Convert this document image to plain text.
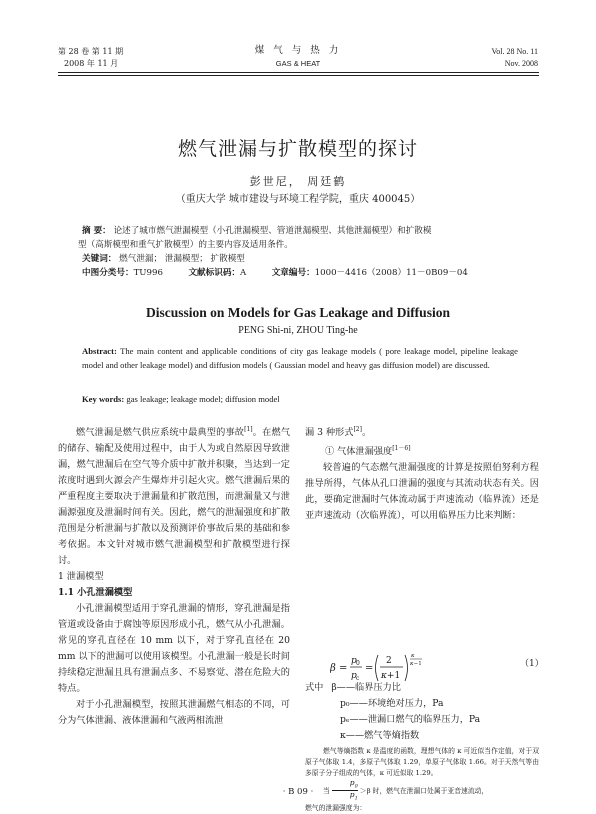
第 28 卷 第 11 期
2008 年 11 月
煤 气 与 热 力
GAS & HEAT
Vol. 28 No. 11
Nov. 2008
燃气泄漏与扩散模型的探讨
彭世尼， 周廷鹤
（重庆大学 城市建设与环境工程学院，重庆 400045）
摘 要： 论述了城市燃气泄漏模型（小孔泄漏模型、管道泄漏模型、其他泄漏模型）和扩散模
型（高斯模型和重气扩散模型）的主要内容及适用条件。
关键词： 燃气泄漏； 泄漏模型； 扩散模型
中图分类号：TU996	文献标识码：A	文章编号：1000－4416（2008）11－0B09－04
Discussion on Models for Gas Leakage and Diffusion
PENG Shi-ni, ZHOU Ting-he
Abstract: The main content and applicable conditions of city gas leakage models ( pore leakage model, pipeline leakage model and other leakage model) and diffusion models ( Gaussian model and heavy gas diffusion model) are discussed.
Key words: gas leakage; leakage model; diffusion model

燃气泄漏是燃气供应系统中最典型的事故[1]。在燃气的储存、输配及使用过程中，由于人为或自然原因导致泄漏，燃气泄漏后在空气等介质中扩散并积聚，当达到一定浓度时遇到火源会产生爆炸并引起火灾。燃气泄漏后果的严重程度主要取决于泄漏量和扩散范围，而泄漏量又与泄漏源强度及泄漏时间有关。因此，燃气的泄漏强度和扩散范围是分析泄漏与扩散以及预测评价事故后果的基础和参考依据。本文针对城市燃气泄漏模型和扩散模型进行探讨。

1 泄漏模型

1.1 小孔泄漏模型

小孔泄漏模型适用于穿孔泄漏的情形，穿孔泄漏是指管道或设备由于腐蚀等原因形成小孔，燃气从小孔泄漏。常见的穿孔直径在 10 mm 以下，对于穿孔直径在 20 mm 以下的泄漏可以使用该模型。小孔泄漏一般是长时间持续稳定泄漏且具有泄漏点多、不易察觉、潜在危险大的特点。

对于小孔泄漏模型，按照其泄漏燃气相态的不同，可分为气体泄漏、液体泄漏和气液两相流泄

漏 3 种形式[2]。

① 气体泄漏强度[1－6]

较普遍的气态燃气泄漏强度的计算是按照伯努利方程推导所得，气体从孔口泄漏的强度与其流动状态有关。因此，要确定泄漏时气体流动属于声速流动（临界流）还是亚声速流动（次临界流），可以用临界压力比来判断：

β =
p 0
p c
=
2
κ+1
κ
κ−1	（1）
式中 β——临界压力比
p₀——环境绝对压力，Pa
pₑ——泄漏口燃气的临界压力，Pa
κ——燃气等熵指数
· B 09 ·

燃气等熵指数 κ 是温度的函数，理想气体的 κ 可近似当作定值，对于双原子气体取 1.4，多原子气体取 1.29，单原子气体取 1.66。对于天然气等由多原子分子组成的气体，κ 可近似取 1.29。

当 $\frac{p_0}{p_1} >\beta$ 时，燃气在泄漏口处属于亚音速流动，

燃气的泄漏强度为：
